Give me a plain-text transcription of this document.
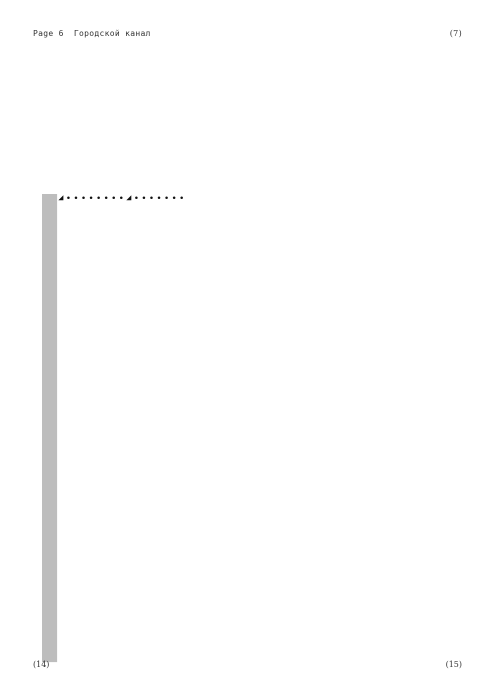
Page 6  Городской канал	(7)
(14)	(15)
